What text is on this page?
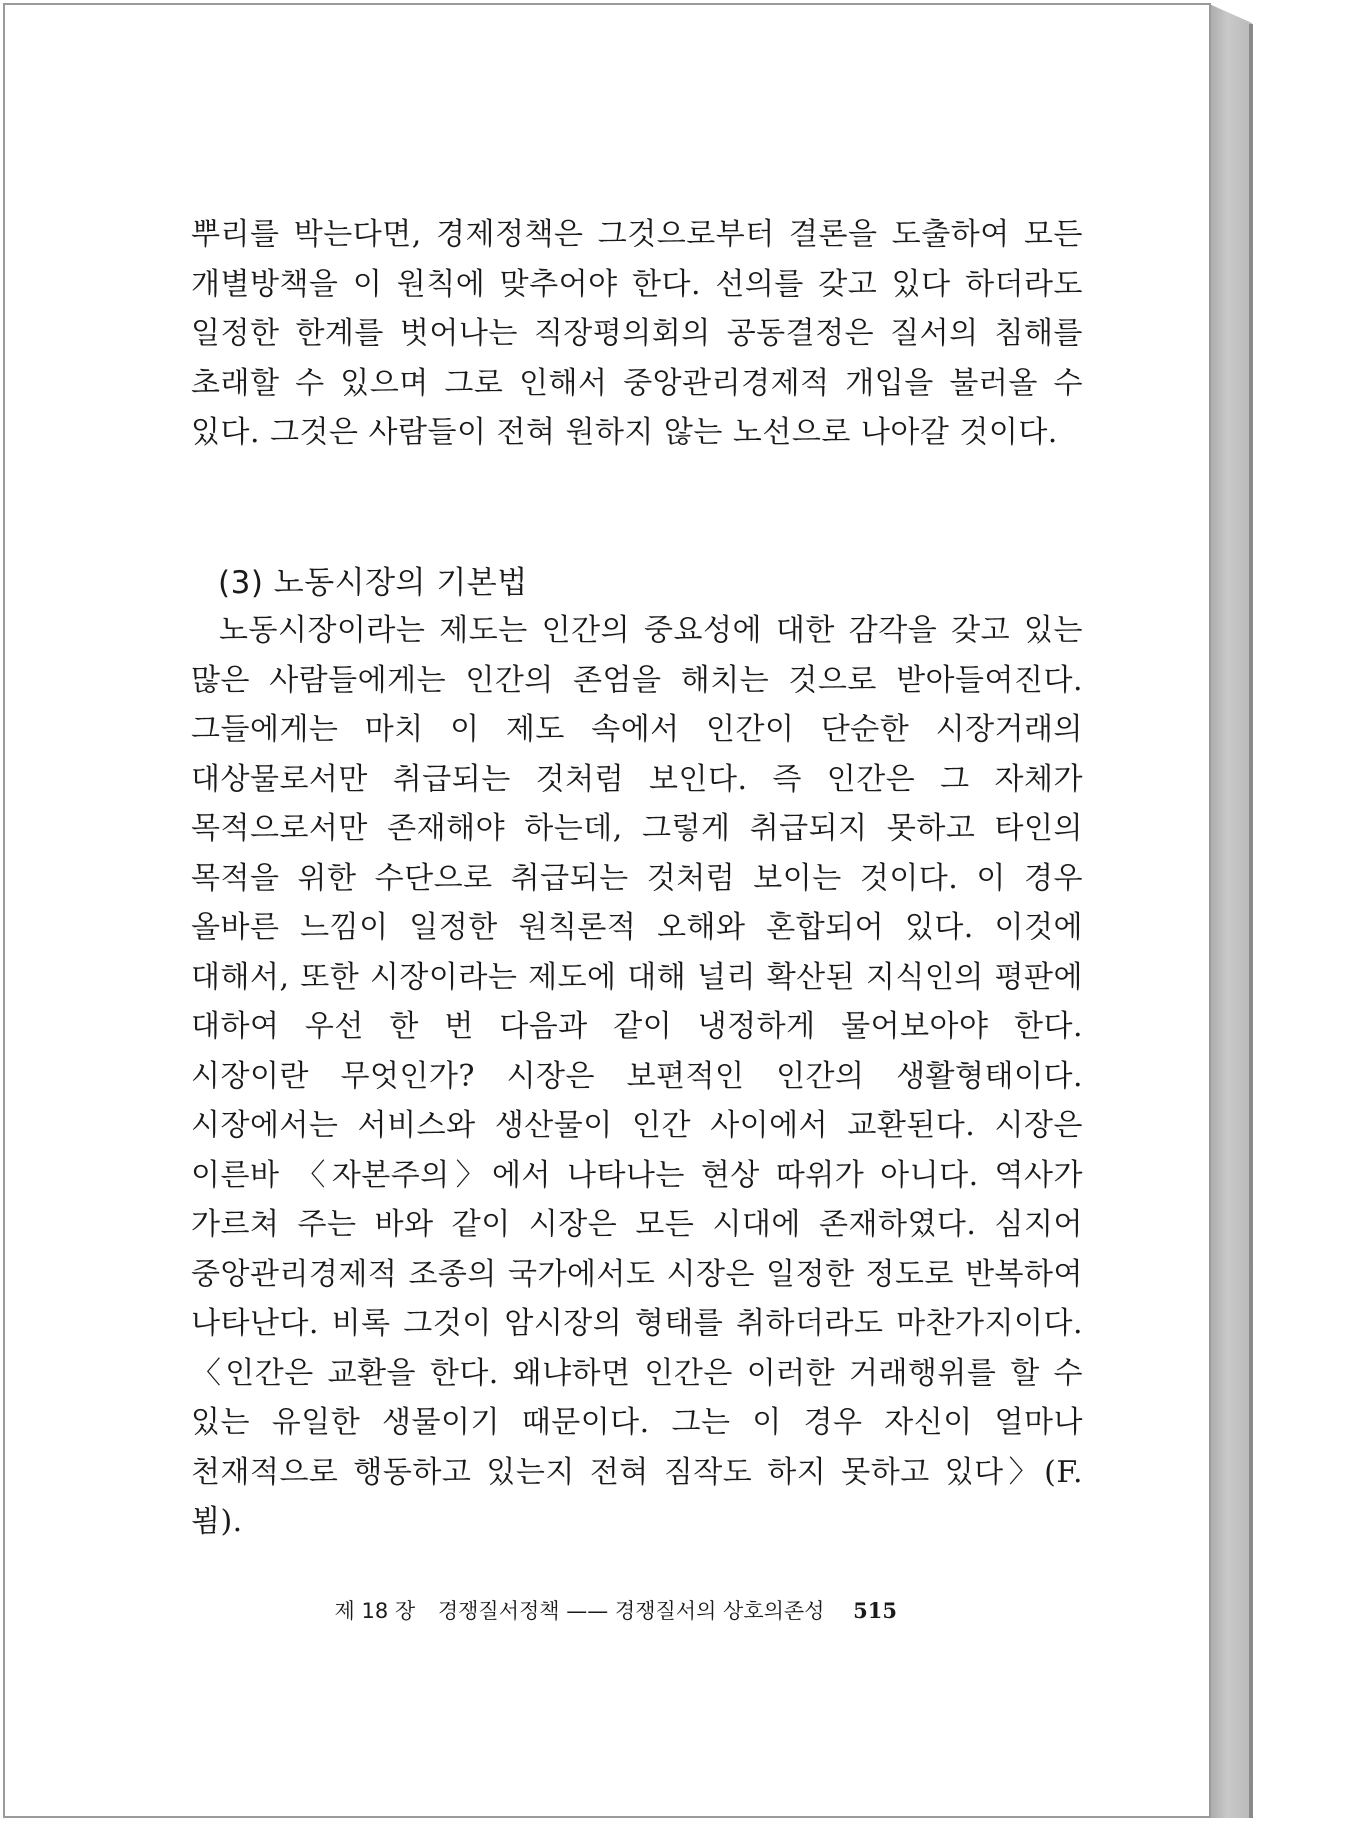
뿌리를 박는다면, 경제정책은 그것으로부터 결론을 도출하여 모든 개별방책을 이 원칙에 맞추어야 한다. 선의를 갖고 있다 하더라도 일정한 한계를 벗어나는 직장평의회의 공동결정은 질서의 침해를 초래할 수 있으며 그로 인해서 중앙관리경제적 개입을 불러올 수 있다. 그것은 사람들이 전혀 원하지 않는 노선으로 나아갈 것이다.

(3) 노동시장의 기본법

노동시장이라는 제도는 인간의 중요성에 대한 감각을 갖고 있는 많은 사람들에게는 인간의 존엄을 해치는 것으로 받아들여진다. 그들에게는 마치 이 제도 속에서 인간이 단순한 시장거래의 대상물로서만 취급되는 것처럼 보인다. 즉 인간은 그 자체가 목적으로서만 존재해야 하는데, 그렇게 취급되지 못하고 타인의 목적을 위한 수단으로 취급되는 것처럼 보이는 것이다. 이 경우 올바른 느낌이 일정한 원칙론적 오해와 혼합되어 있다. 이것에 대해서, 또한 시장이라는 제도에 대해 널리 확산된 지식인의 평판에 대하여 우선 한 번 다음과 같이 냉정하게 물어보아야 한다. 시장이란 무엇인가? 시장은 보편적인 인간의 생활형태이다. 시장에서는 서비스와 생산물이 인간 사이에서 교환된다. 시장은 이른바 〈자본주의〉에서 나타나는 현상 따위가 아니다. 역사가 가르쳐 주는 바와 같이 시장은 모든 시대에 존재하였다. 심지어 중앙관리경제적 조종의 국가에서도 시장은 일정한 정도로 반복하여 나타난다. 비록 그것이 암시장의 형태를 취하더라도 마찬가지이다. 〈인간은 교환을 한다. 왜냐하면 인간은 이러한 거래행위를 할 수 있는 유일한 생물이기 때문이다. 그는 이 경우 자신이 얼마나 천재적으로 행동하고 있는지 전혀 짐작도 하지 못하고 있다〉(F. 뵘).

제 18 장 경쟁질서정책 —— 경쟁질서의 상호의존성 515
